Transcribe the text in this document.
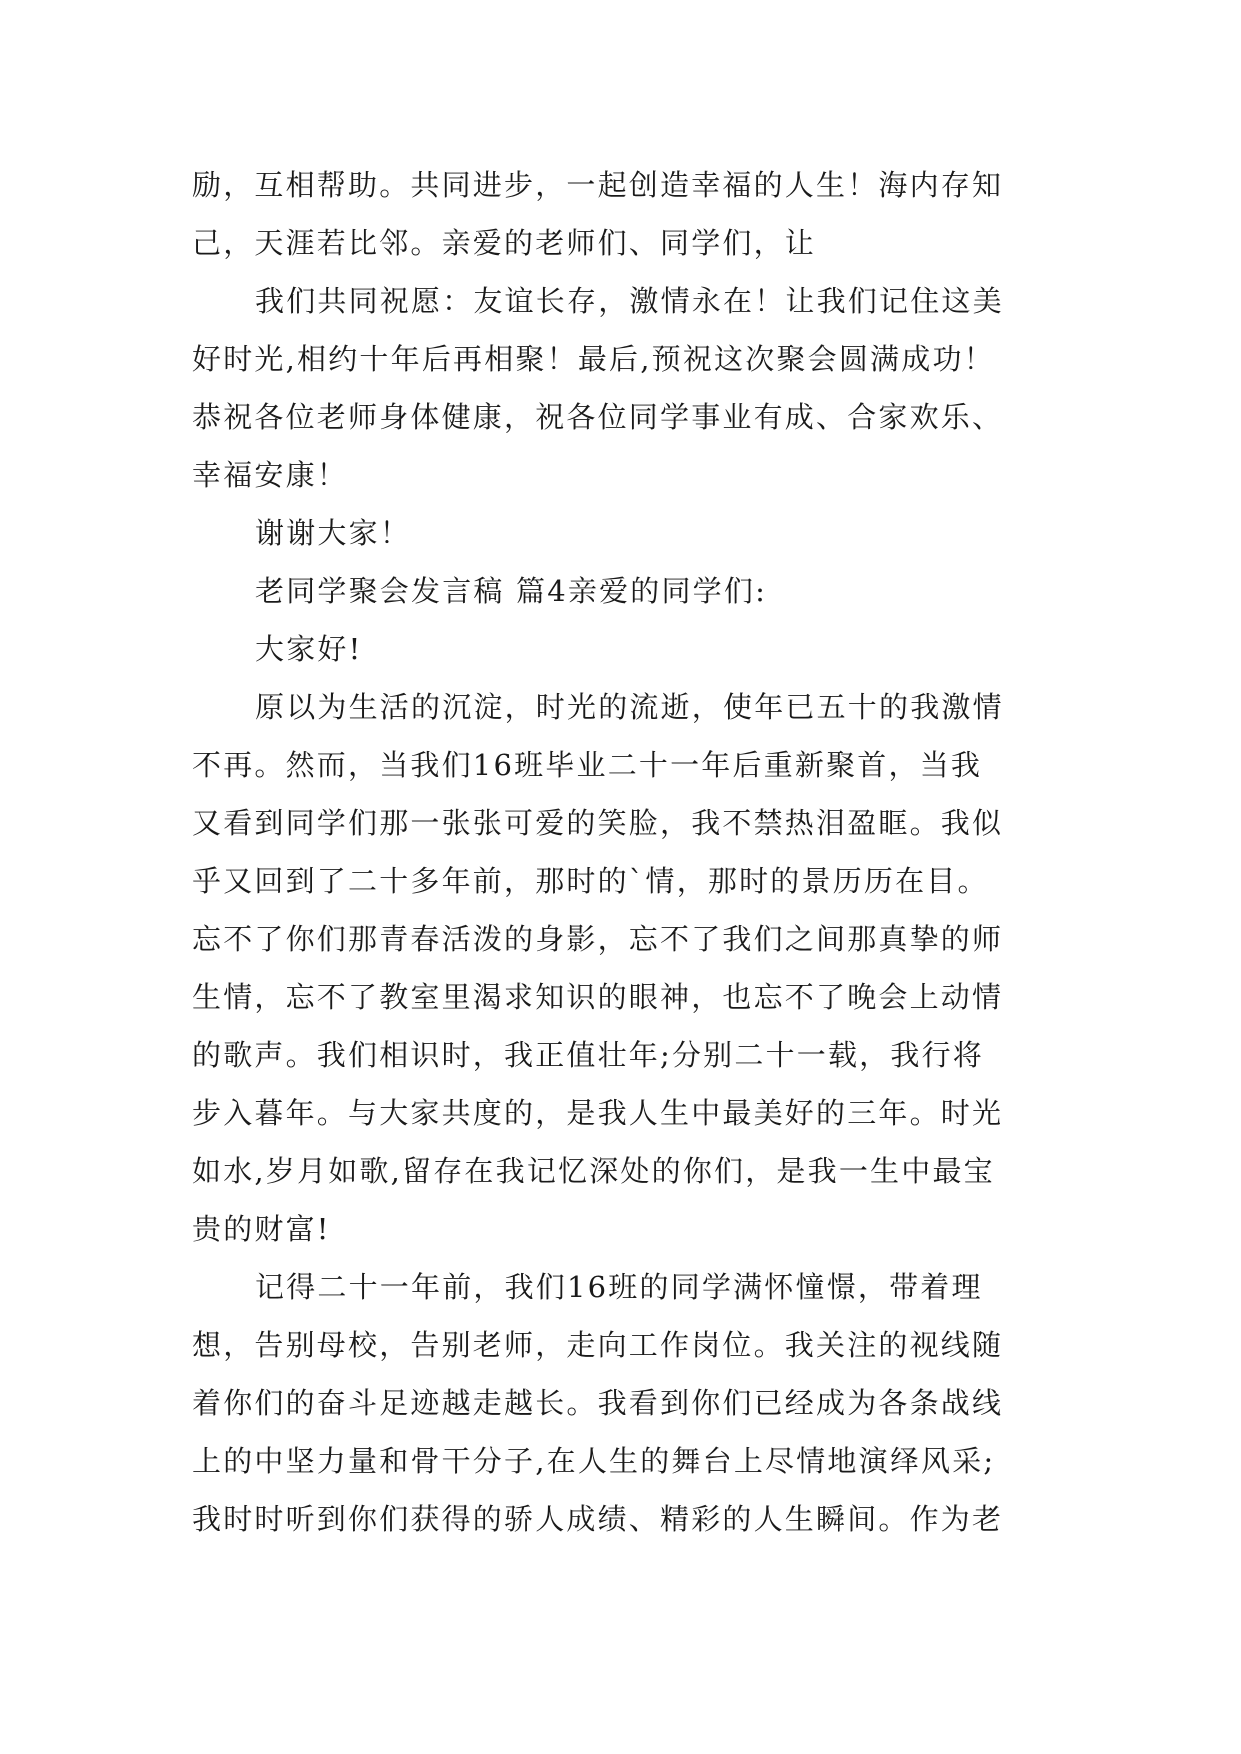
励，互相帮助。共同进步，一起创造幸福的人生！海内存知
己，天涯若比邻。亲爱的老师们、同学们，让
我们共同祝愿：友谊长存，激情永在！让我们记住这美
好时光,相约十年后再相聚！最后,预祝这次聚会圆满成功！
恭祝各位老师身体健康，祝各位同学事业有成、合家欢乐、
幸福安康！
谢谢大家！
老同学聚会发言稿 篇4亲爱的同学们:
大家好!
原以为生活的沉淀，时光的流逝，使年已五十的我激情
不再。然而，当我们16班毕业二十一年后重新聚首，当我
又看到同学们那一张张可爱的笑脸，我不禁热泪盈眶。我似
乎又回到了二十多年前，那时的`情，那时的景历历在目。
忘不了你们那青春活泼的身影，忘不了我们之间那真挚的师
生情，忘不了教室里渴求知识的眼神，也忘不了晚会上动情
的歌声。我们相识时，我正值壮年;分别二十一载，我行将
步入暮年。与大家共度的，是我人生中最美好的三年。时光
如水,岁月如歌,留存在我记忆深处的你们，是我一生中最宝
贵的财富!
记得二十一年前，我们16班的同学满怀憧憬，带着理
想，告别母校，告别老师，走向工作岗位。我关注的视线随
着你们的奋斗足迹越走越长。我看到你们已经成为各条战线
上的中坚力量和骨干分子,在人生的舞台上尽情地演绎风采;
我时时听到你们获得的骄人成绩、精彩的人生瞬间。作为老
